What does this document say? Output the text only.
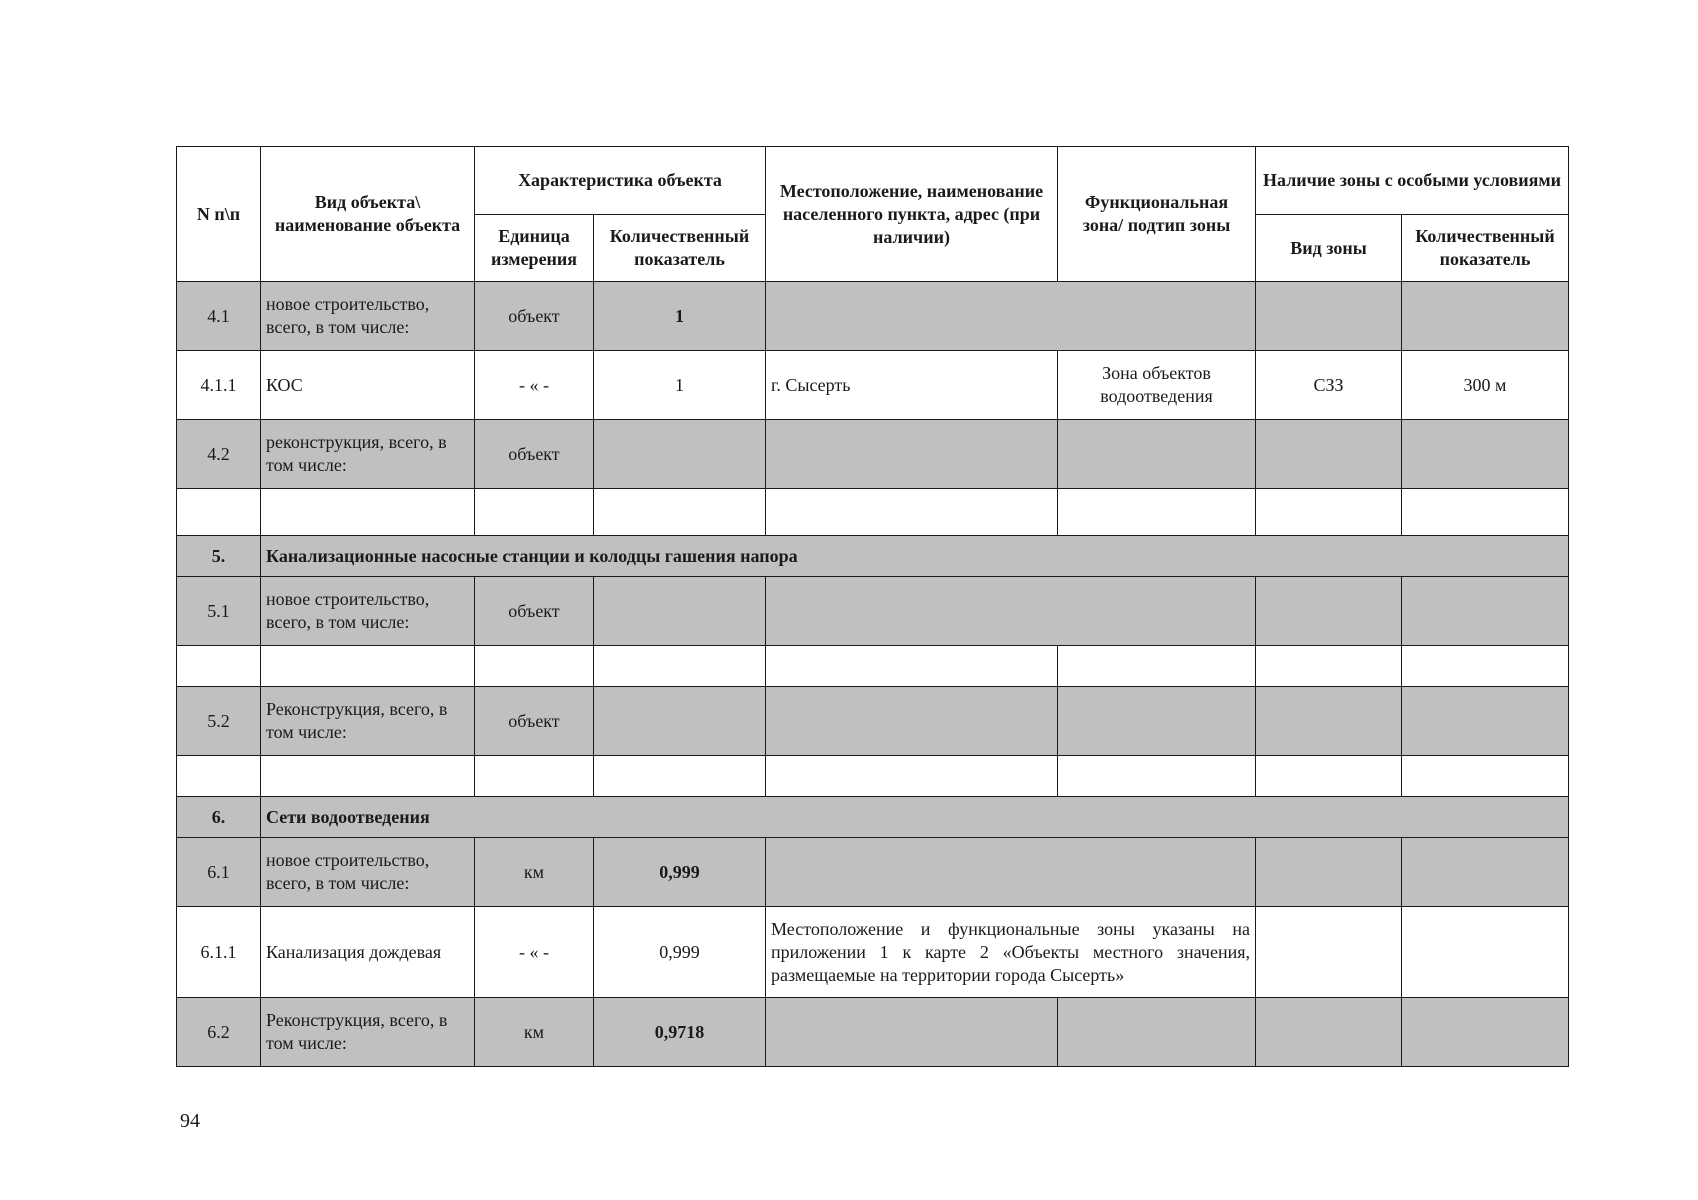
N п\п	Вид объекта\ наименование объекта	Характеристика объекта		Местоположение, наименование населенного пункта, адрес (при наличии)	Функциональная зона/ подтип зоны	Наличие зоны с особыми условиями	
		Единица измерения	Количественный показатель			Вид зоны	Количественный показатель
4.1	новое строительство, всего, в том числе:	объект	1				
4.1.1	КОС	- « -	1	г. Сысерть	Зона объектов водоотведения	СЗЗ	300 м
4.2	реконструкция, всего, в том числе:	объект					

5.	Канализационные насосные станции и колодцы гашения напора						
5.1	новое строительство, всего, в том числе:	объект					

5.2	Реконструкция, всего, в том числе:	объект					

6.	Сети водоотведения						
6.1	новое строительство, всего, в том числе:	км	0,999				
6.1.1	Канализация дождевая	- « -	0,999	Местоположение и функциональные зоны указаны на приложении 1 к карте 2 «Объекты местного значения, размещаемые на территории города Сысерть»			
6.2	Реконструкция, всего, в том числе:	км	0,9718				
94
